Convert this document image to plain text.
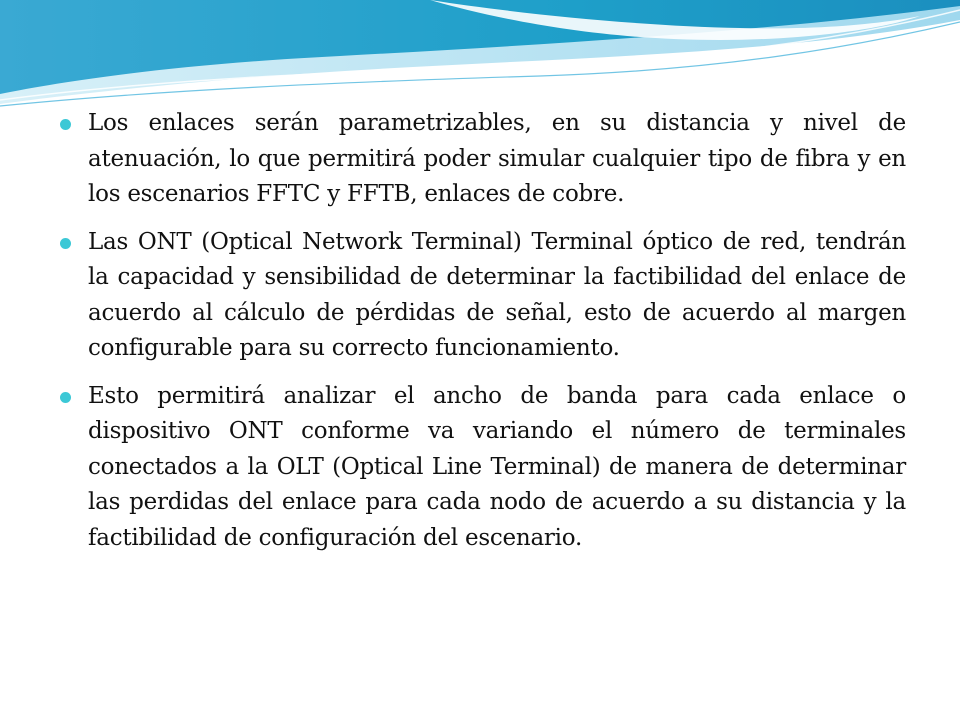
Los enlaces serán parametrizables, en su distancia y nivel de atenuación, lo que permitirá poder simular cualquier tipo de fibra y en los escenarios FFTC y FFTB, enlaces de cobre.
Las ONT (Optical Network Terminal) Terminal óptico de red, tendrán la capacidad y sensibilidad de determinar la factibilidad del enlace de acuerdo al cálculo de pérdidas de señal, esto de acuerdo al margen configurable para su correcto funcionamiento.
Esto permitirá analizar el ancho de banda para cada enlace o dispositivo ONT conforme va variando el número de terminales conectados a la OLT (Optical Line Terminal) de manera de determinar las perdidas del enlace para cada nodo de acuerdo a su distancia y la factibilidad de configuración del escenario.
